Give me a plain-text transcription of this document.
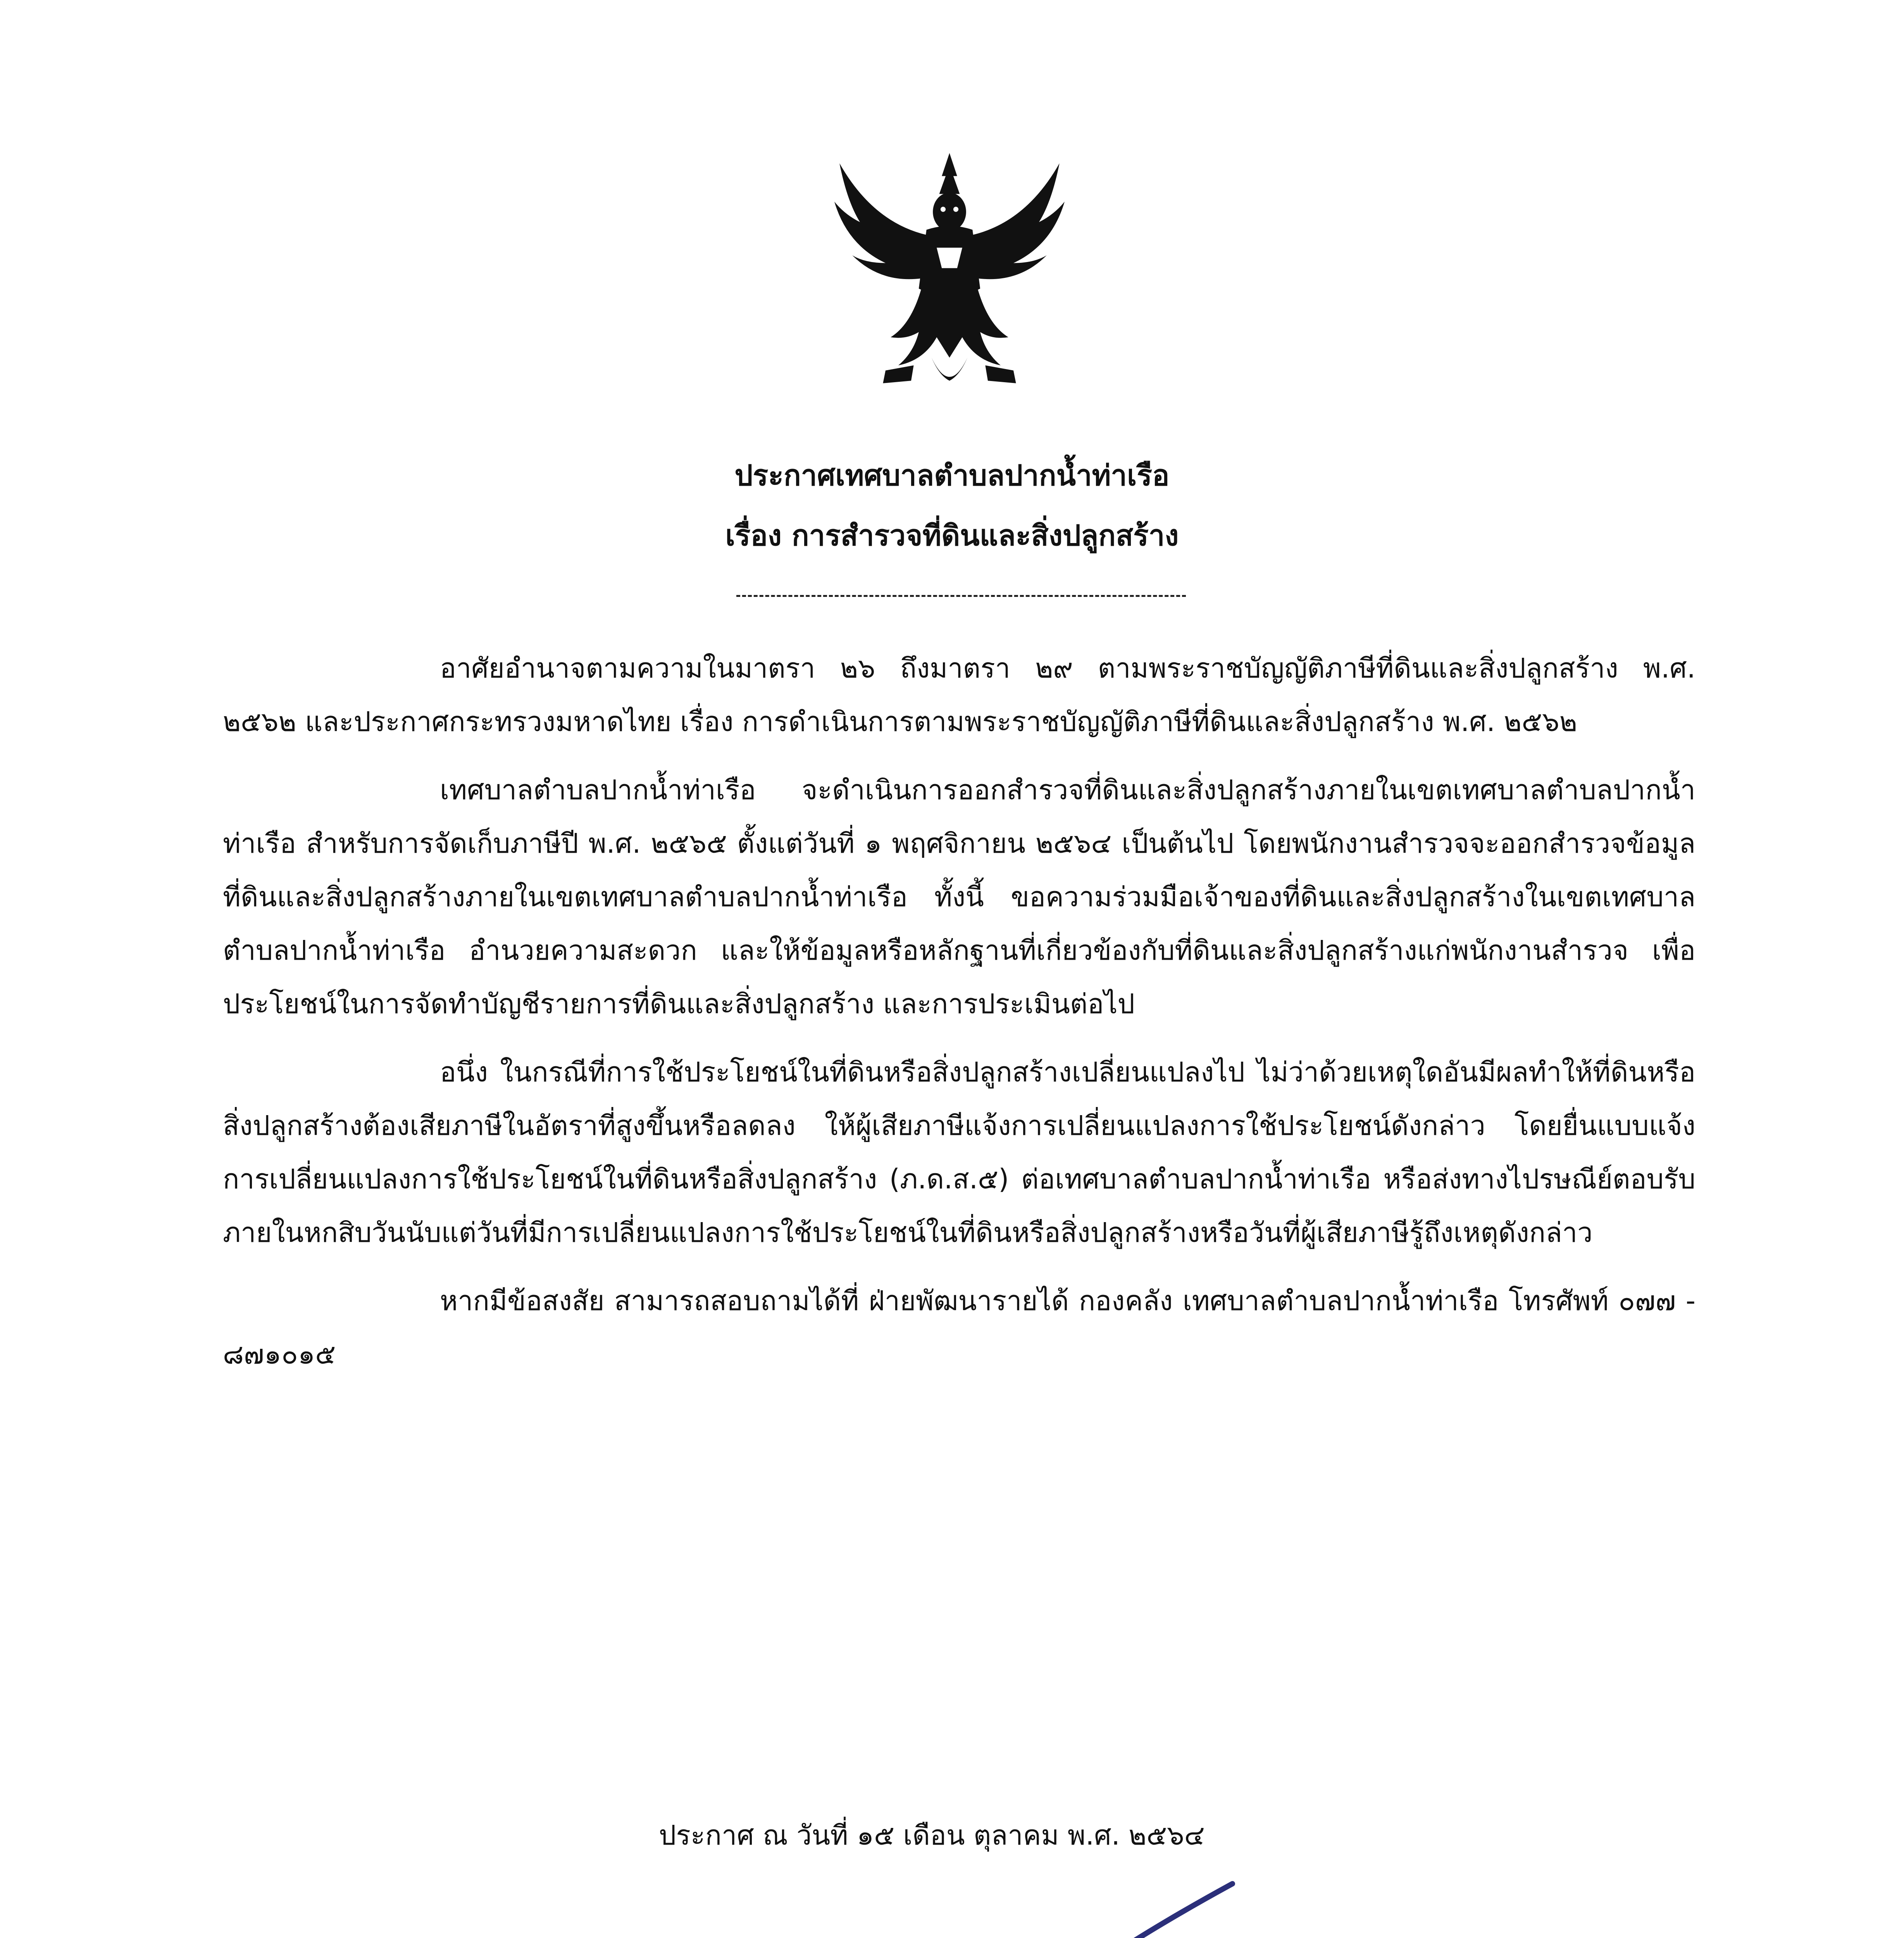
ประกาศเทศบาลตำบลปากน้ำท่าเรือ
เรื่อง การสำรวจที่ดินและสิ่งปลูกสร้าง

อาศัยอำนาจตามความในมาตรา ๒๖ ถึงมาตรา ๒๙ ตามพระราชบัญญัติภาษีที่ดินและสิ่งปลูกสร้าง พ.ศ. ๒๕๖๒ และประกาศกระทรวงมหาดไทย เรื่อง การดำเนินการตามพระราชบัญญัติภาษีที่ดินและสิ่งปลูกสร้าง พ.ศ. ๒๕๖๒

เทศบาลตำบลปากน้ำท่าเรือ จะดำเนินการออกสำรวจที่ดินและสิ่งปลูกสร้างภายในเขตเทศบาลตำบลปากน้ำท่าเรือ สำหรับการจัดเก็บภาษีปี พ.ศ. ๒๕๖๕ ตั้งแต่วันที่ ๑ พฤศจิกายน ๒๕๖๔ เป็นต้นไป โดยพนักงานสำรวจจะออกสำรวจข้อมูลที่ดินและสิ่งปลูกสร้างภายในเขตเทศบาลตำบลปากน้ำท่าเรือ ทั้งนี้ ขอความร่วมมือเจ้าของที่ดินและสิ่งปลูกสร้างในเขตเทศบาลตำบลปากน้ำท่าเรือ อำนวยความสะดวก และให้ข้อมูลหรือหลักฐานที่เกี่ยวข้องกับที่ดินและสิ่งปลูกสร้างแก่พนักงานสำรวจ เพื่อประโยชน์ในการจัดทำบัญชีรายการที่ดินและสิ่งปลูกสร้าง และการประเมินต่อไป

อนึ่ง ในกรณีที่การใช้ประโยชน์ในที่ดินหรือสิ่งปลูกสร้างเปลี่ยนแปลงไป ไม่ว่าด้วยเหตุใดอันมีผลทำให้ที่ดินหรือสิ่งปลูกสร้างต้องเสียภาษีในอัตราที่สูงขึ้นหรือลดลง ให้ผู้เสียภาษีแจ้งการเปลี่ยนแปลงการใช้ประโยชน์ดังกล่าว โดยยื่นแบบแจ้งการเปลี่ยนแปลงการใช้ประโยชน์ในที่ดินหรือสิ่งปลูกสร้าง (ภ.ด.ส.๕) ต่อเทศบาลตำบลปากน้ำท่าเรือ หรือส่งทางไปรษณีย์ตอบรับภายในหกสิบวันนับแต่วันที่มีการเปลี่ยนแปลงการใช้ประโยชน์ในที่ดินหรือสิ่งปลูกสร้างหรือวันที่ผู้เสียภาษีรู้ถึงเหตุดังกล่าว

หากมีข้อสงสัย สามารถสอบถามได้ที่ ฝ่ายพัฒนารายได้ กองคลัง เทศบาลตำบลปากน้ำท่าเรือ โทรศัพท์ ๐๗๗ - ๘๗๑๐๑๕

ประกาศ ณ วันที่ ๑๕ เดือน ตุลาคม พ.ศ. ๒๕๖๔
